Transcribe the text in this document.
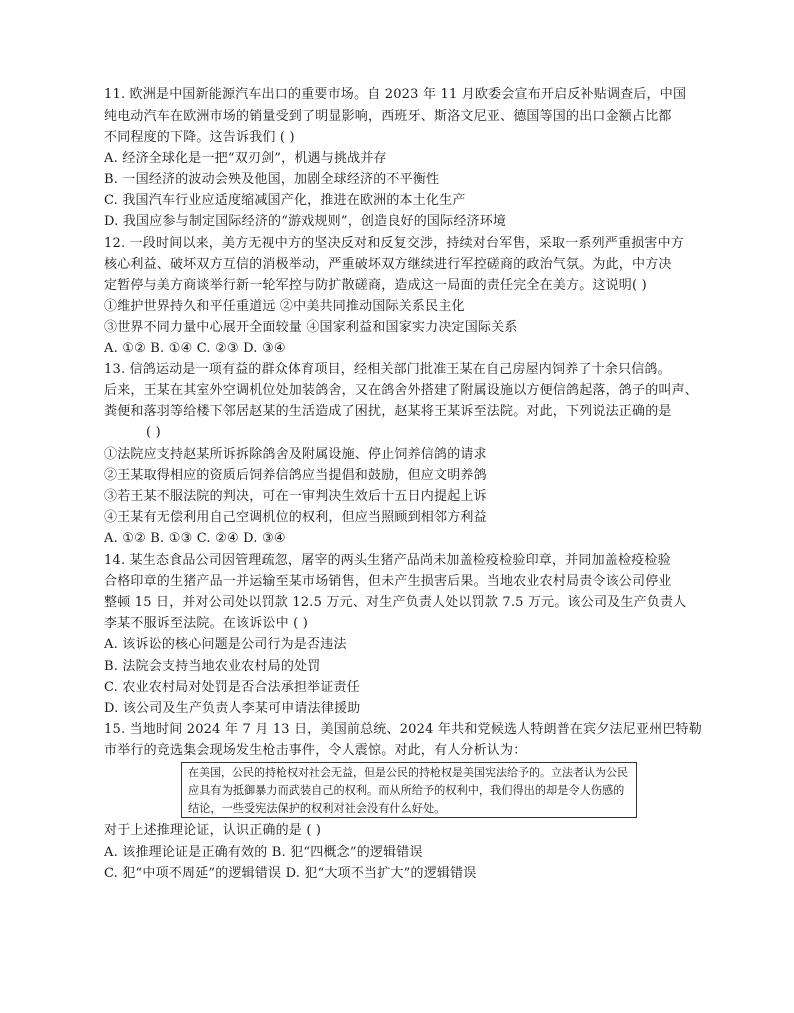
11. 欧洲是中国新能源汽车出口的重要市场。自 2023 年 11 月欧委会宣布开启反补贴调查后，中国
纯电动汽车在欧洲市场的销量受到了明显影响，西班牙、斯洛文尼亚、德国等国的出口金额占比都
不同程度的下降。这告诉我们 ( )
A. 经济全球化是一把“双刃剑”，机遇与挑战并存
B. 一国经济的波动会殃及他国，加剧全球经济的不平衡性
C. 我国汽车行业应适度缩减国产化，推进在欧洲的本土化生产
D. 我国应参与制定国际经济的“游戏规则”，创造良好的国际经济环境
12. 一段时间以来，美方无视中方的坚决反对和反复交涉，持续对台军售，采取一系列严重损害中方
核心利益、破坏双方互信的消极举动，严重破坏双方继续进行军控磋商的政治气氛。为此，中方决
定暂停与美方商谈举行新一轮军控与防扩散磋商，造成这一局面的责任完全在美方。这说明( )
①维护世界持久和平任重道远 ②中美共同推动国际关系民主化
③世界不同力量中心展开全面较量 ④国家利益和国家实力决定国际关系
A. ①② B. ①④ C. ②③ D. ③④
13. 信鸽运动是一项有益的群众体育项目，经相关部门批准王某在自己房屋内饲养了十余只信鸽。
后来，王某在其室外空调机位处加装鸽舍，又在鸽舍外搭建了附属设施以方便信鸽起落，鸽子的叫声、
粪便和落羽等给楼下邻居赵某的生活造成了困扰，赵某将王某诉至法院。对此，下列说法正确的是
( )
①法院应支持赵某所诉拆除鸽舍及附属设施、停止饲养信鸽的请求
②王某取得相应的资质后饲养信鸽应当提倡和鼓励，但应文明养鸽
③若王某不服法院的判决，可在一审判决生效后十五日内提起上诉
④王某有无偿利用自己空调机位的权利，但应当照顾到相邻方利益
A. ①② B. ①③ C. ②④ D. ③④
14. 某生态食品公司因管理疏忽，屠宰的两头生猪产品尚未加盖检疫检验印章，并同加盖检疫检验
合格印章的生猪产品一并运输至某市场销售，但未产生损害后果。当地农业农村局责令该公司停业
整顿 15 日，并对公司处以罚款 12.5 万元、对生产负责人处以罚款 7.5 万元。该公司及生产负责人
李某不服诉至法院。在该诉讼中 ( )
A. 该诉讼的核心问题是公司行为是否违法
B. 法院会支持当地农业农村局的处罚
C. 农业农村局对处罚是否合法承担举证责任
D. 该公司及生产负责人李某可申请法律援助
15. 当地时间 2024 年 7 月 13 日，美国前总统、2024 年共和党候选人特朗普在宾夕法尼亚州巴特勒
市举行的竞选集会现场发生枪击事件，令人震惊。对此，有人分析认为：
在美国，公民的持枪权对社会无益，但是公民的持枪权是美国宪法给予的。立法者认为公民
应具有为抵御暴力而武装自己的权利。而从所给予的权利中，我们得出的却是令人伤感的
结论，一些受宪法保护的权利对社会没有什么好处。
对于上述推理论证，认识正确的是 ( )
A. 该推理论证是正确有效的 B. 犯“四概念”的逻辑错误
C. 犯“中项不周延”的逻辑错误 D. 犯“大项不当扩大”的逻辑错误
